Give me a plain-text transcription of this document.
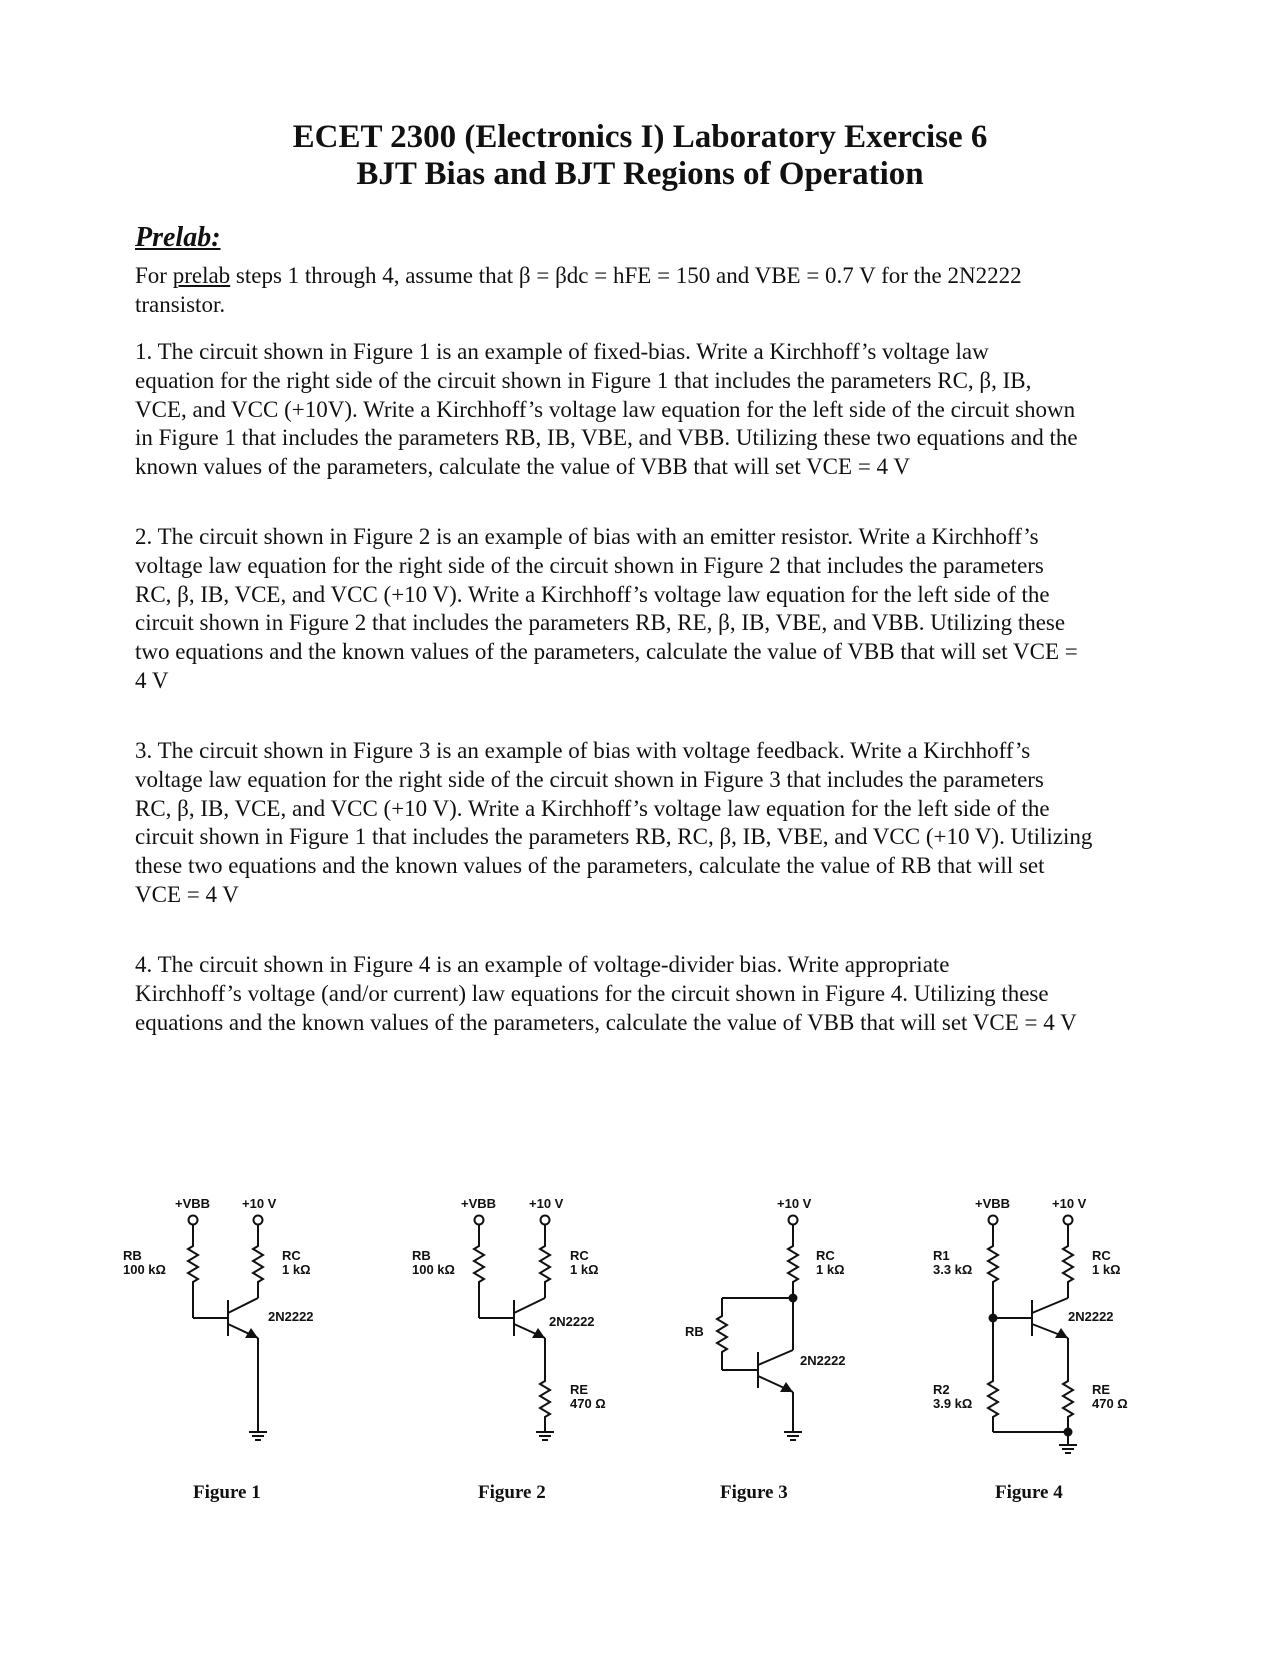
ECET 2300 (Electronics I) Laboratory Exercise 6
BJT Bias and BJT Regions of Operation
Prelab:
For prelab steps 1 through 4, assume that β = βdc = hFE = 150 and VBE = 0.7 V for the 2N2222
transistor.
1. The circuit shown in Figure 1 is an example of fixed-bias. Write a Kirchhoff’s voltage law
equation for the right side of the circuit shown in Figure 1 that includes the parameters RC, β, IB,
VCE, and VCC (+10V). Write a Kirchhoff’s voltage law equation for the left side of the circuit shown
in Figure 1 that includes the parameters RB, IB, VBE, and VBB. Utilizing these two equations and the
known values of the parameters, calculate the value of VBB that will set VCE = 4 V
2. The circuit shown in Figure 2 is an example of bias with an emitter resistor. Write a Kirchhoff’s
voltage law equation for the right side of the circuit shown in Figure 2 that includes the parameters
RC, β, IB, VCE, and VCC (+10 V). Write a Kirchhoff’s voltage law equation for the left side of the
circuit shown in Figure 2 that includes the parameters RB, RE, β, IB, VBE, and VBB. Utilizing these
two equations and the known values of the parameters, calculate the value of VBB that will set VCE =
4 V
3. The circuit shown in Figure 3 is an example of bias with voltage feedback. Write a Kirchhoff’s
voltage law equation for the right side of the circuit shown in Figure 3 that includes the parameters
RC, β, IB, VCE, and VCC (+10 V). Write a Kirchhoff’s voltage law equation for the left side of the
circuit shown in Figure 1 that includes the parameters RB, RC, β, IB, VBE, and VCC (+10 V). Utilizing
these two equations and the known values of the parameters, calculate the value of RB that will set
VCE = 4 V
4. The circuit shown in Figure 4 is an example of voltage-divider bias. Write appropriate
Kirchhoff’s voltage (and/or current) law equations for the circuit shown in Figure 4. Utilizing these
equations and the known values of the parameters, calculate the value of VBB that will set VCE = 4 V
+VBB +10 V
RB
100 kΩ
RC
1 kΩ
2N2222
Figure 1
+VBB	+10 V
RB
100 kΩ
RC
1 kΩ
2N2222
RE
470 Ω
Figure 2
+10 V
RB
RC
1 kΩ
2N2222
Figure 3
+VBB	+10 V
R1
3.3 kΩ
RC
1 kΩ
2N2222
R2
3.9 kΩ
RE
470 Ω
Figure 4
